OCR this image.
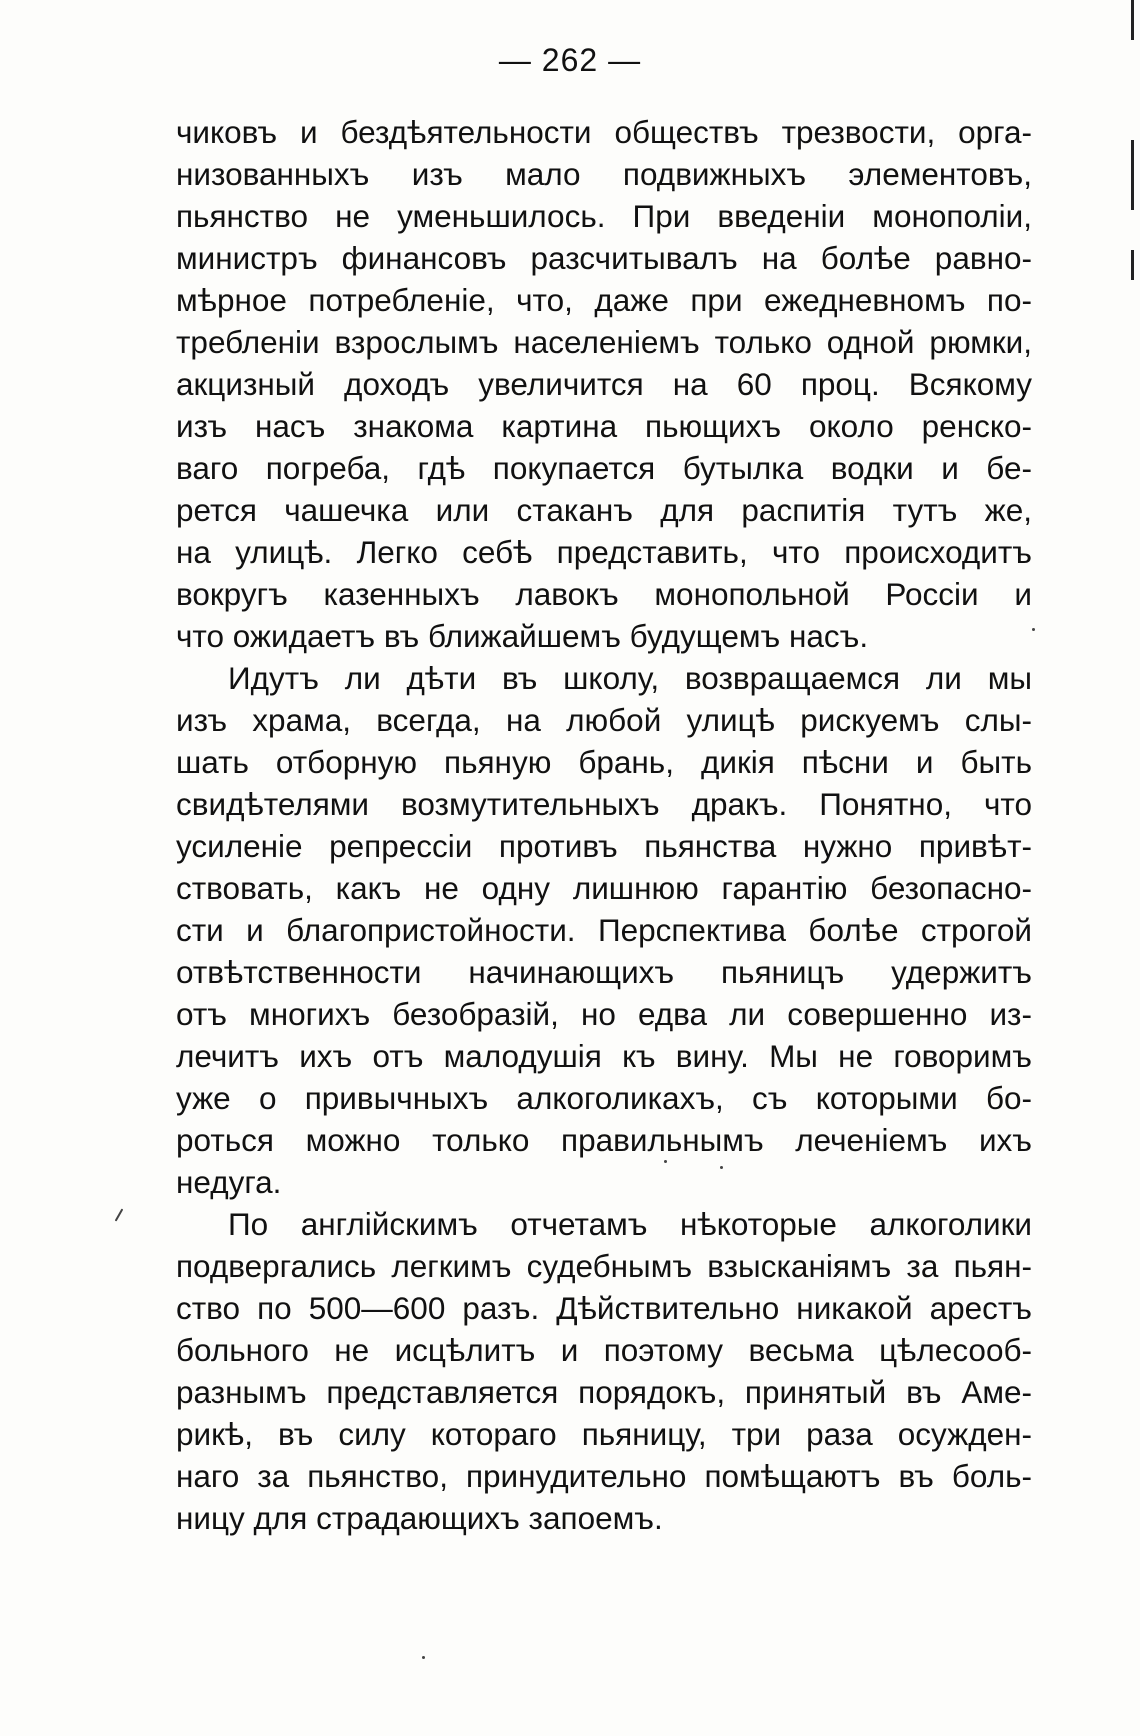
— 262 —
чиковъ и бездѣятельности обществъ трезвости, орга-
низованныхъ изъ мало подвижныхъ элементовъ,
пьянство не уменьшилось. При введеніи монополіи,
министръ финансовъ разсчитывалъ на болѣе равно-
мѣрное потребленіе, что, даже при ежедневномъ по-
требленіи взрослымъ населеніемъ только одной рюмки,
акцизный доходъ увеличится на 60 проц. Всякому
изъ насъ знакома картина пьющихъ около ренско-
ваго погреба, гдѣ покупается бутылка водки и бе-
рется чашечка или стаканъ для распитія тутъ же,
на улицѣ. Легко себѣ представить, что происходитъ
вокругъ казенныхъ лавокъ монопольной Россіи и
что ожидаетъ въ ближайшемъ будущемъ насъ.
Идутъ ли дѣти въ школу, возвращаемся ли мы
изъ храма, всегда, на любой улицѣ рискуемъ слы-
шать отборную пьяную брань, дикія пѣсни и быть
свидѣтелями возмутительныхъ дракъ. Понятно, что
усиленіе репрессіи противъ пьянства нужно привѣт-
ствовать, какъ не одну лишнюю гарантію безопасно-
сти и благопристойности. Перспектива болѣе строгой
отвѣтственности начинающихъ пьяницъ удержитъ
отъ многихъ безобразій, но едва ли совершенно из-
лечитъ ихъ отъ малодушія къ вину. Мы не говоримъ
уже о привычныхъ алкоголикахъ, съ которыми бо-
роться можно только правильнымъ леченіемъ ихъ
недуга.
По англійскимъ отчетамъ нѣкоторые алкоголики
подвергались легкимъ судебнымъ взысканіямъ за пьян-
ство по 500—600 разъ. Дѣйствительно никакой арестъ
больного не исцѣлитъ и поэтому весьма цѣлесооб-
разнымъ представляется порядокъ, принятый въ Аме-
рикѣ, въ силу котораго пьяницу, три раза осужден-
наго за пьянство, принудительно помѣщаютъ въ боль-
ницу для страдающихъ запоемъ.
